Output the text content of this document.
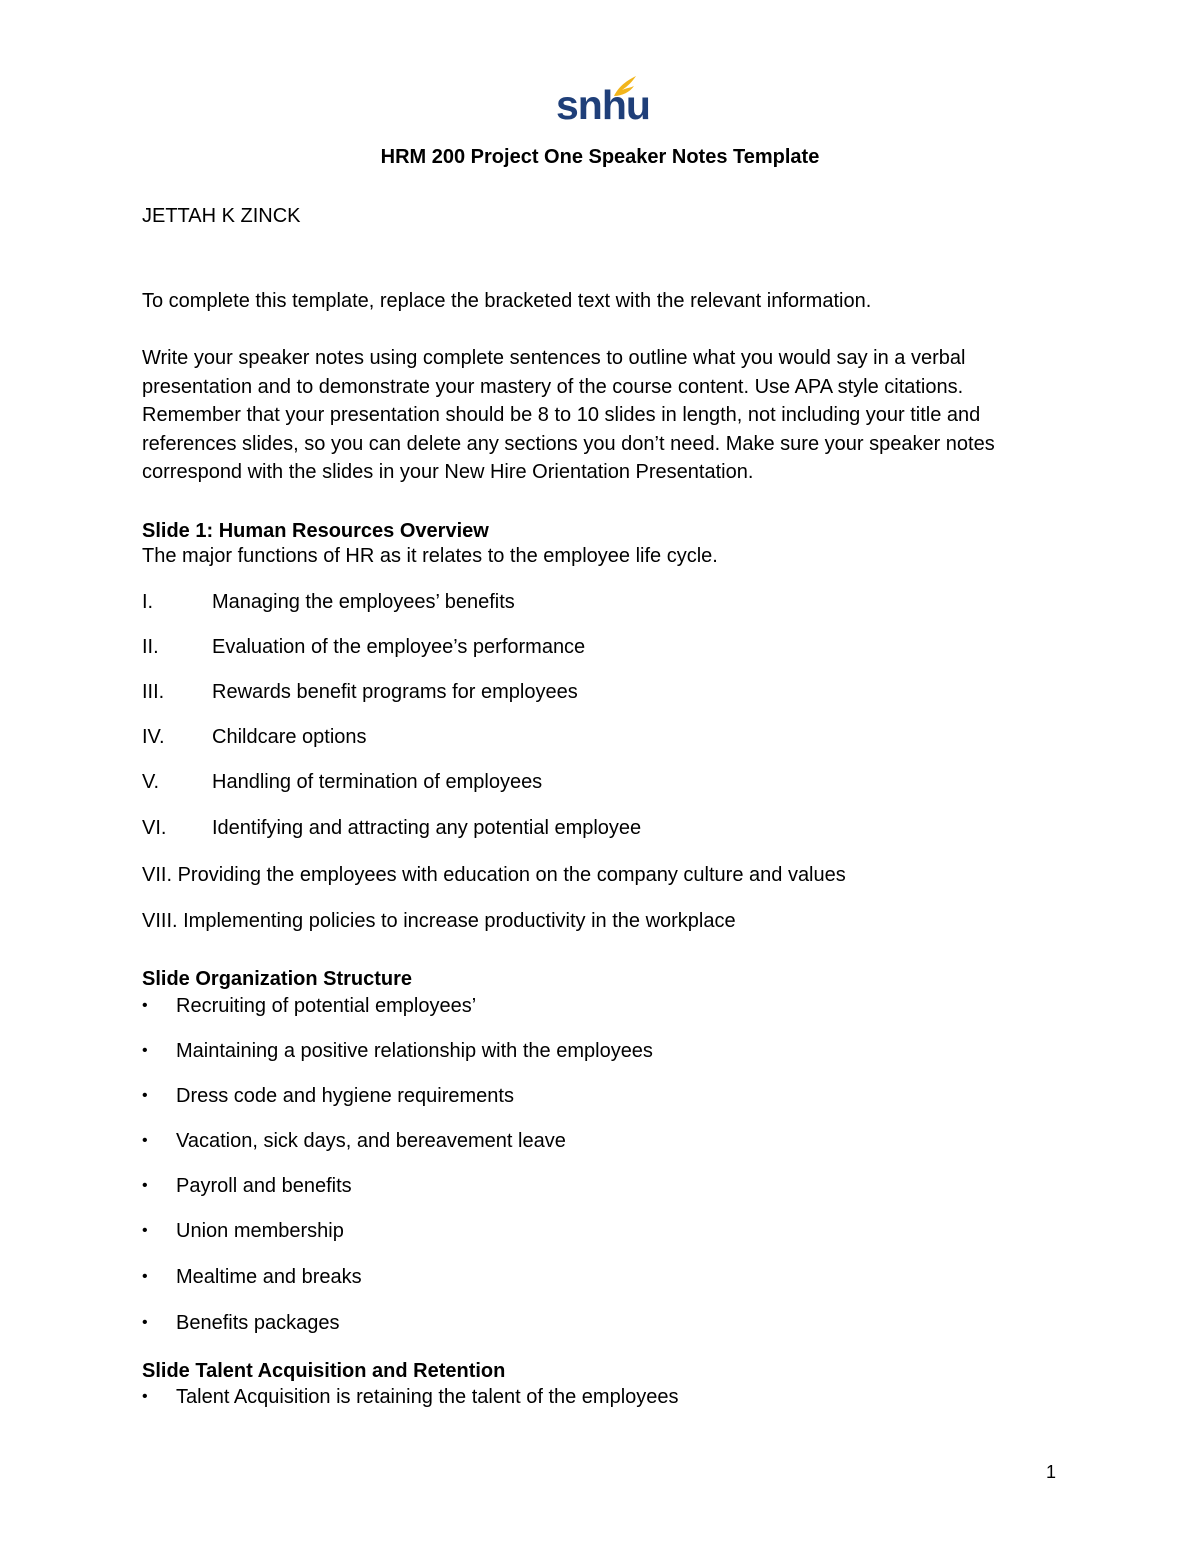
snhu
HRM 200 Project One Speaker Notes Template
JETTAH K ZINCK
To complete this template, replace the bracketed text with the relevant information.
Write your speaker notes using complete sentences to outline what you would say in a verbal presentation and to demonstrate your mastery of the course content. Use APA style citations. Remember that your presentation should be 8 to 10 slides in length, not including your title and references slides, so you can delete any sections you don’t need. Make sure your speaker notes correspond with the slides in your New Hire Orientation Presentation.
Slide 1: Human Resources Overview
The major functions of HR as it relates to the employee life cycle.
I.	Managing the employees’ benefits
II.	Evaluation of the employee’s performance
III. Rewards benefit programs for employees
IV. Childcare options
V.	Handling of termination of employees
VI. Identifying and attracting any potential employee
VII. Providing the employees with education on the company culture and values
VIII. Implementing policies to increase productivity in the workplace
Slide Organization Structure
• Recruiting of potential employees’
• Maintaining a positive relationship with the employees
• Dress code and hygiene requirements
• Vacation, sick days, and bereavement leave
• Payroll and benefits
• Union membership
• Mealtime and breaks
• Benefits packages
Slide Talent Acquisition and Retention
• Talent Acquisition is retaining the talent of the employees
1
